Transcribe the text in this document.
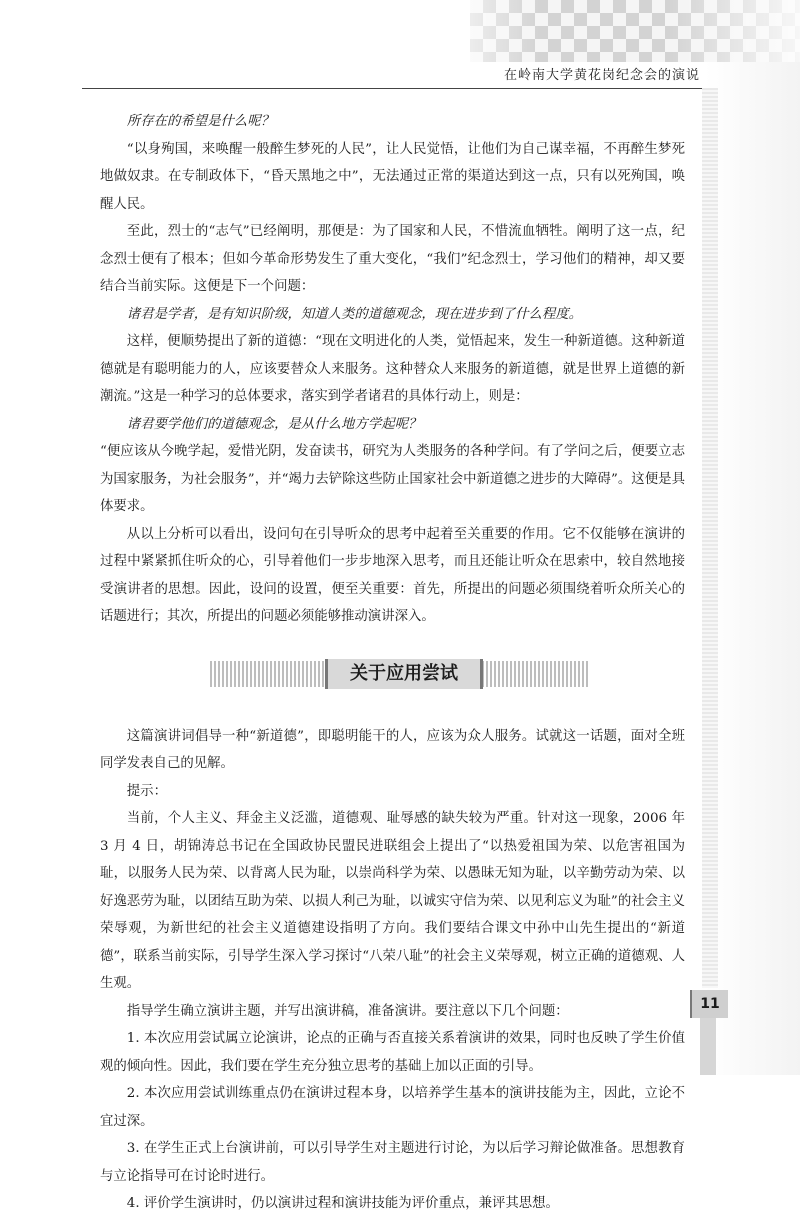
在岭南大学黄花岗纪念会的演说

所存在的希望是什么呢？

“以身殉国，来唤醒一般醉生梦死的人民”，让人民觉悟，让他们为自己谋幸福，不再醉生梦死地做奴隶。在专制政体下，“昏天黑地之中”，无法通过正常的渠道达到这一点，只有以死殉国，唤醒人民。

至此，烈士的“志气”已经阐明，那便是：为了国家和人民，不惜流血牺牲。阐明了这一点，纪念烈士便有了根本；但如今革命形势发生了重大变化，“我们”纪念烈士，学习他们的精神，却又要结合当前实际。这便是下一个问题：

诸君是学者，是有知识阶级，知道人类的道德观念，现在进步到了什么程度。

这样，便顺势提出了新的道德：“现在文明进化的人类，觉悟起来，发生一种新道德。这种新道德就是有聪明能力的人，应该要替众人来服务。这种替众人来服务的新道德，就是世界上道德的新潮流。”这是一种学习的总体要求，落实到学者诸君的具体行动上，则是：

诸君要学他们的道德观念，是从什么地方学起呢？

“便应该从今晚学起，爱惜光阴，发奋读书，研究为人类服务的各种学问。有了学问之后，便要立志为国家服务，为社会服务”，并“竭力去铲除这些防止国家社会中新道德之进步的大障碍”。这便是具体要求。

从以上分析可以看出，设问句在引导听众的思考中起着至关重要的作用。它不仅能够在演讲的过程中紧紧抓住听众的心，引导着他们一步步地深入思考，而且还能让听众在思索中，较自然地接受演讲者的思想。因此，设问的设置，便至关重要：首先，所提出的问题必须围绕着听众所关心的话题进行；其次，所提出的问题必须能够推动演讲深入。

关于应用尝试

这篇演讲词倡导一种“新道德”，即聪明能干的人，应该为众人服务。试就这一话题，面对全班同学发表自己的见解。

提示：

当前，个人主义、拜金主义泛滥，道德观、耻辱感的缺失较为严重。针对这一现象，2006 年 3 月 4 日，胡锦涛总书记在全国政协民盟民进联组会上提出了“以热爱祖国为荣、以危害祖国为耻，以服务人民为荣、以背离人民为耻，以崇尚科学为荣、以愚昧无知为耻，以辛勤劳动为荣、以好逸恶劳为耻，以团结互助为荣、以损人利己为耻，以诚实守信为荣、以见利忘义为耻”的社会主义荣辱观，为新世纪的社会主义道德建设指明了方向。我们要结合课文中孙中山先生提出的“新道德”，联系当前实际，引导学生深入学习探讨“八荣八耻”的社会主义荣辱观，树立正确的道德观、人生观。

指导学生确立演讲主题，并写出演讲稿，准备演讲。要注意以下几个问题：

1. 本次应用尝试属立论演讲，论点的正确与否直接关系着演讲的效果，同时也反映了学生价值观的倾向性。因此，我们要在学生充分独立思考的基础上加以正面的引导。

2. 本次应用尝试训练重点仍在演讲过程本身，以培养学生基本的演讲技能为主，因此，立论不宜过深。

3. 在学生正式上台演讲前，可以引导学生对主题进行讨论，为以后学习辩论做准备。思想教育与立论指导可在讨论时进行。

4. 评价学生演讲时，仍以演讲过程和演讲技能为评价重点，兼评其思想。

11
